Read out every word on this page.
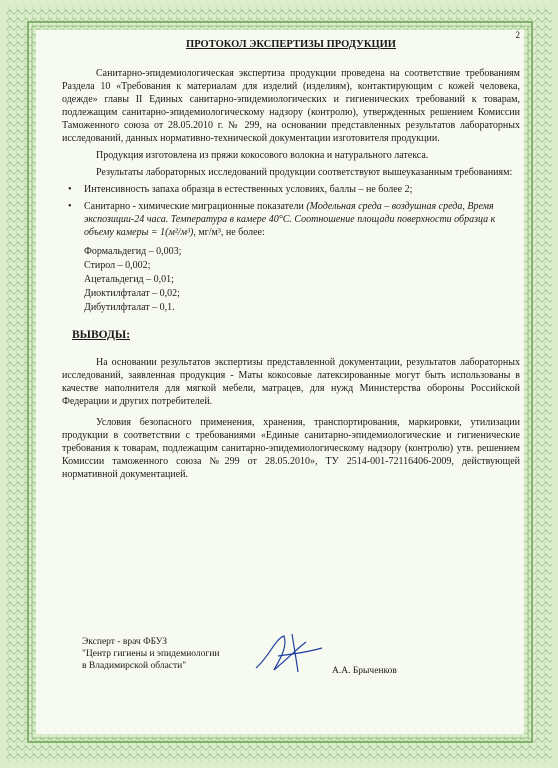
2
ПРОТОКОЛ ЭКСПЕРТИЗЫ ПРОДУКЦИИ

Санитарно-эпидемиологическая экспертиза продукции проведена на соответствие требованиям Раздела 10 «Требования к материалам для изделий (изделиям), контактирующим с кожей человека, одежде» главы II Единых санитарно-эпидемиологических и гигиенических требований к товарам, подлежащим санитарно-эпидемиологическому надзору (контролю), утвержденных решением Комиссии Таможенного союза от 28.05.2010 г. № 299, на основании представленных результатов лабораторных исследований, данных нормативно-технической документации изготовителя продукции.

Продукция изготовлена из пряжи кокосового волокна и натурального латекса.

Результаты лабораторных исследований продукции соответствуют вышеуказанным требованиям:

• Интенсивность запаха образца в естественных условиях, баллы – не более 2;
• Санитарно - химические миграционные показатели (Модельная среда – воздушная среда, Время экспозиции-24 часа. Температура в камере 40°С. Соотношение площади поверхности образца к объему камеры = 1(м²/м³), мг/м³, не более:
Формальдегид – 0,003;
Стирол – 0,002;
Ацетальдегид – 0,01;
Диоктилфталат – 0,02;
Дибутилфталат – 0,1.
ВЫВОДЫ:

На основании результатов экспертизы представленной документации, результатов лабораторных исследований, заявленная продукция - Маты кокосовые латексированные могут быть использованы в качестве наполнителя для мягкой мебели, матрацев, для нужд Министерства обороны Российской Федерации и других потребителей.

Условия безопасного применения, хранения, транспортирования, маркировки, утилизации продукции в соответствии с требованиями «Единые санитарно-эпидемиологические и гигиенические требования к товарам, подлежащим санитарно-эпидемиологическому надзору (контролю) утв. решением Комиссии таможенного союза №299 от 28.05.2010», ТУ 2514-001-72116406-2009, действующей нормативной документацией.

Эксперт - врач ФБУЗ
"Центр гигиены и эпидемиологии
в Владимирской области"	А.А. Брыченков
